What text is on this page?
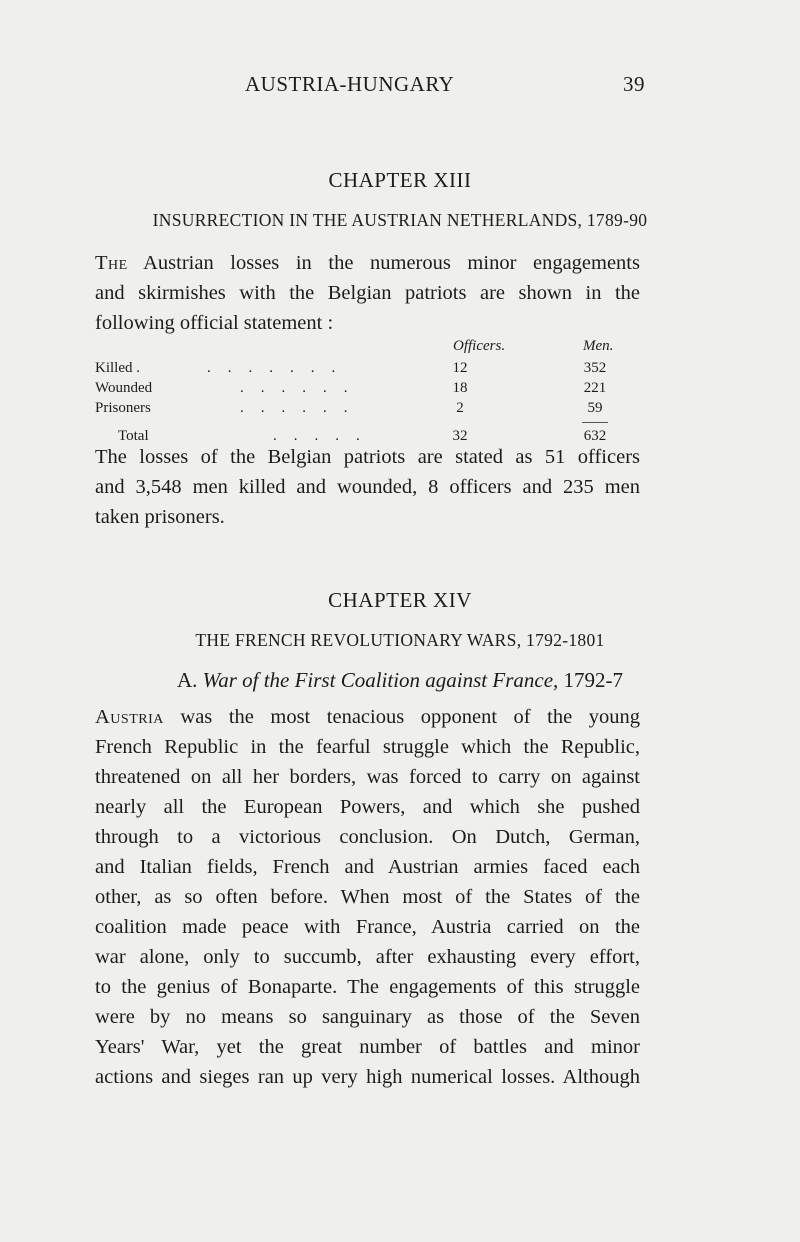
AUSTRIA-HUNGARY	39
CHAPTER XIII
INSURRECTION IN THE AUSTRIAN NETHERLANDS, 1789-90
The Austrian losses in the numerous minor engagements
and skirmishes with the Belgian patriots are shown in the
following official statement :
Officers.	Men.
Killed .	.......	12	352
Wounded	......	18	221
Prisoners	......	2	59
Total	.....	32	632
The losses of the Belgian patriots are stated as 51 officers
and 3,548 men killed and wounded, 8 officers and 235 men
taken prisoners.
CHAPTER XIV
THE FRENCH REVOLUTIONARY WARS, 1792-1801
A. War of the First Coalition against France, 1792-7
Austria was the most tenacious opponent of the young
French Republic in the fearful struggle which the Republic,
threatened on all her borders, was forced to carry on against
nearly all the European Powers, and which she pushed
through to a victorious conclusion. On Dutch, German,
and Italian fields, French and Austrian armies faced each
other, as so often before. When most of the States of the
coalition made peace with France, Austria carried on the
war alone, only to succumb, after exhausting every effort,
to the genius of Bonaparte. The engagements of this struggle
were by no means so sanguinary as those of the Seven
Years' War, yet the great number of battles and minor
actions and sieges ran up very high numerical losses. Although
